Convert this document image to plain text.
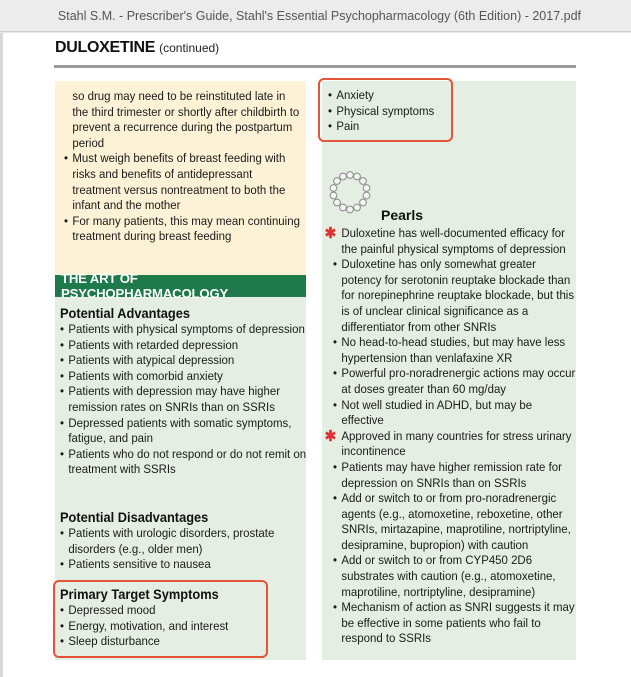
Stahl S.M. - Prescriber's Guide, Stahl's Essential Psychopharmacology (6th Edition) - 2017.pdf
DULOXETINE (continued)
so drug may need to be reinstituted late in the third trimester or shortly after childbirth to prevent a recurrence during the postpartum period
• Must weigh benefits of breast feeding with risks and benefits of antidepressant treatment versus nontreatment to both the infant and the mother
• For many patients, this may mean continuing treatment during breast feeding
THE ART OF PSYCHOPHARMACOLOGY
Potential Advantages
• Patients with physical symptoms of depression
• Patients with retarded depression
• Patients with atypical depression
• Patients with comorbid anxiety
• Patients with depression may have higher remission rates on SNRIs than on SSRIs
• Depressed patients with somatic symptoms, fatigue, and pain
• Patients who do not respond or do not remit on treatment with SSRIs
Potential Disadvantages
• Patients with urologic disorders, prostate disorders (e.g., older men)
• Patients sensitive to nausea
Primary Target Symptoms
• Depressed mood
• Energy, motivation, and interest
• Sleep disturbance
• Anxiety
• Physical symptoms
• Pain
Pearls
✱ Duloxetine has well-documented efficacy for the painful physical symptoms of depression
• Duloxetine has only somewhat greater potency for serotonin reuptake blockade than for norepinephrine reuptake blockade, but this is of unclear clinical significance as a differentiator from other SNRIs
• No head-to-head studies, but may have less hypertension than venlafaxine XR
• Powerful pro-noradrenergic actions may occur at doses greater than 60 mg/day
• Not well studied in ADHD, but may be effective
✱ Approved in many countries for stress urinary incontinence
• Patients may have higher remission rate for depression on SNRIs than on SSRIs
• Add or switch to or from pro-noradrenergic agents (e.g., atomoxetine, reboxetine, other SNRIs, mirtazapine, maprotiline, nortriptyline, desipramine, bupropion) with caution
• Add or switch to or from CYP450 2D6 substrates with caution (e.g., atomoxetine, maprotiline, nortriptyline, desipramine)
• Mechanism of action as SNRI suggests it may be effective in some patients who fail to respond to SSRIs
